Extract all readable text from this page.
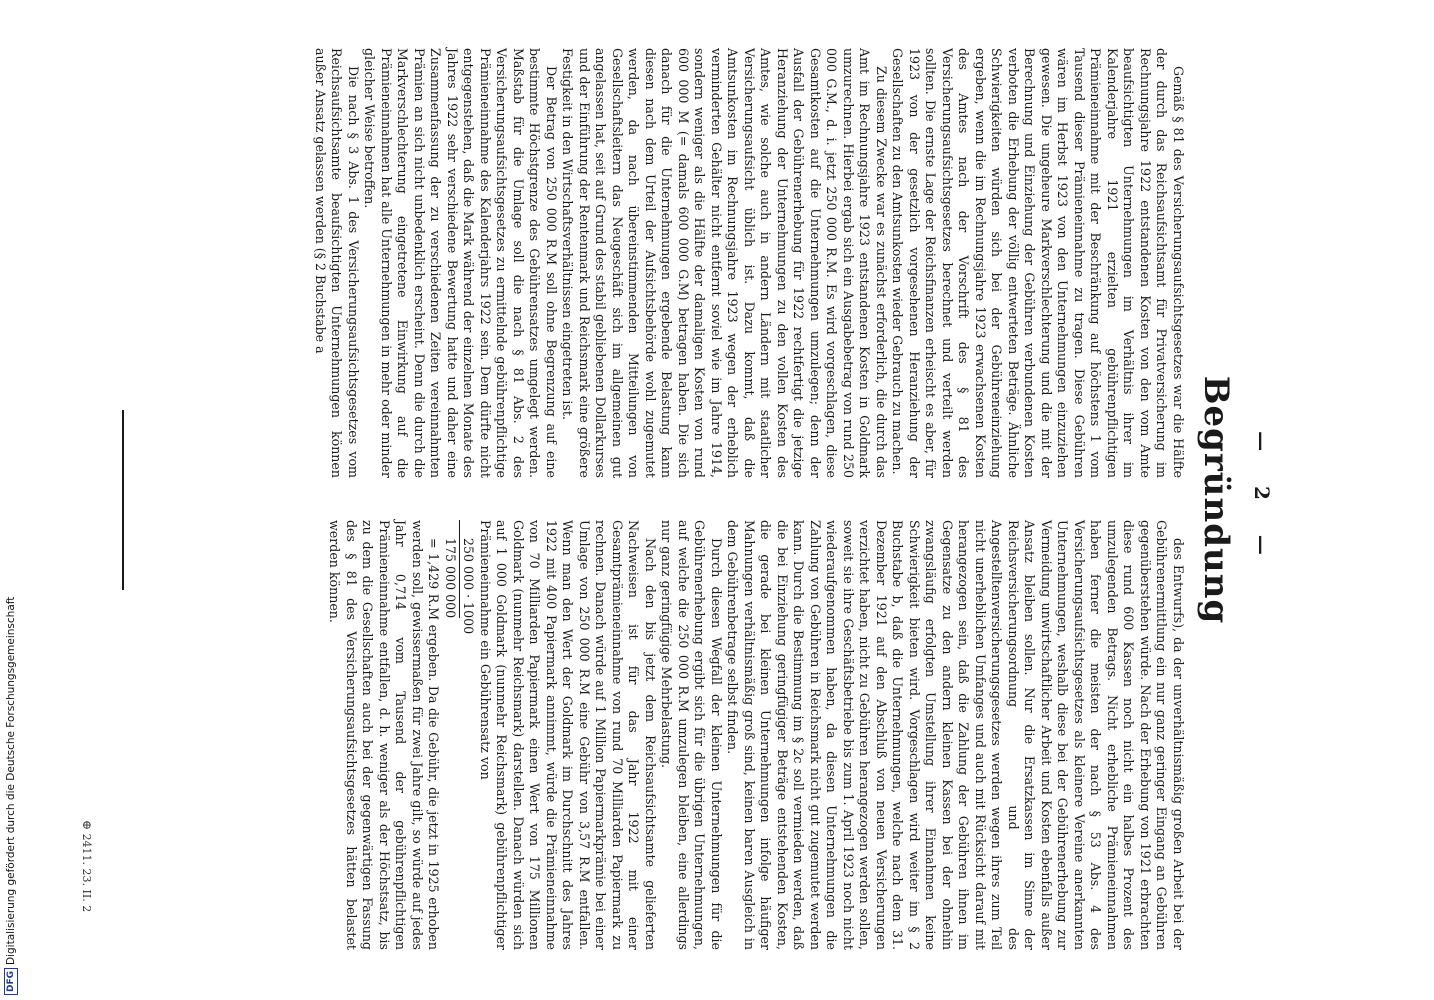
— 2 —
Begründung

Gemäß § 81 des Versicherungsaufsichtsgesetzes war die Hälfte der durch das Reichsaufsichtsamt für Privatversicherung im Rechnungsjahre 1922 entstandenen Kosten von den vom Amte beaufsichtigten Unternehmungen im Verhältnis ihrer im Kalenderjahre 1921 erzielten gebührenpflichtigen Prämieneinnahme mit der Beschränkung auf höchstens 1 vom Tausend dieser Prämieneinnahme zu tragen. Diese Gebühren wären im Herbst 1923 von den Unternehmungen einzuziehen gewesen. Die ungeheure Markverschlechterung und die mit der Berechnung und Einziehung der Gebühren verbundenen Kosten verboten die Erhebung der völlig entwerteten Beträge. Ähnliche Schwierigkeiten würden sich bei der Gebühreneinziehung ergeben, wenn die im Rechnungsjahre 1923 erwachsenen Kosten des Amtes nach der Vorschrift des § 81 des Versicherungsaufsichtsgesetzes berechnet und verteilt werden sollten. Die ernste Lage der Reichsfinanzen erheischt es aber, für 1923 von der gesetzlich vorgesehenen Heranziehung der Gesellschaften zu den Amtsunkosten wieder Gebrauch zu machen.

Zu diesem Zwecke war es zunächst erforderlich, die durch das Amt im Rechnungsjahre 1923 entstandenen Kosten in Goldmark umzurechnen. Hierbei ergab sich ein Ausgabebetrag von rund 250 000 G.M., d. i. jetzt 250 000 R.M. Es wird vorgeschlagen, diese Gesamtkosten auf die Unternehmungen umzulegen; denn der Ausfall der Gebührenerhebung für 1922 rechtfertigt die jetzige Heranziehung der Unternehmungen zu den vollen Kosten des Amtes, wie solche auch in andern Ländern mit staatlicher Versicherungsaufsicht üblich ist. Dazu kommt, daß die Amtsunkosten im Rechnungsjahre 1923 wegen der erheblich verminderten Gehälter nicht entfernt soviel wie im Jahre 1914, sondern weniger als die Hälfte der damaligen Kosten von rund 600 000 M (= damals 600 000 G.M) betragen haben. Die sich danach für die Unternehmungen ergebende Belastung kann diesen nach dem Urteil der Aufsichtsbehörde wohl zugemutet werden, da nach übereinstimmenden Mitteilungen von Gesellschaftsleitern das Neugeschäft sich im allgemeinen gut angelassen hat, seit auf Grund des stabil gebliebenen Dollarkurses und der Einführung der Rentenmark und Reichsmark eine größere Festigkeit in den Wirtschaftsverhältnissen eingetreten ist.

Der Betrag von 250 000 R.M soll ohne Begrenzung auf eine bestimmte Höchstgrenze des Gebührensatzes umgelegt werden. Maßstab für die Umlage soll die nach § 81 Abs. 2 des Versicherungsaufsichtsgesetzes zu ermittelnde gebührenpflichtige Prämieneinnahme des Kalenderjahrs 1922 sein. Dem dürfte nicht entgegenstehen, daß die Mark während der einzelnen Monate des Jahres 1922 sehr verschiedene Bewertung hatte und daher eine Zusammenfassung der zu verschiedenen Zeiten vereinnahmten Prämien an sich nicht unbedenklich erscheint. Denn die durch die Markverschlechterung eingetretene Einwirkung auf die Prämieneinnahmen hat alle Unternehmungen in mehr oder minder gleicher Weise betroffen.

Die nach § 3 Abs. 1 des Versicherungsaufsichtsgesetzes vom Reichsaufsichtsamte beaufsichtigten Unternehmungen können außer Ansatz gelassen werden (§ 2 Buchstabe a

des Entwurfs), da der unverhältnismäßig großen Arbeit bei der Gebührenermittlung ein nur ganz geringer Eingang an Gebühren gegenüberstehen würde. Nach der Erhebung von 1921 erbrachten diese rund 600 Kassen noch nicht ein halbes Prozent des umzulegenden Betrags. Nicht erhebliche Prämieneinnahmen haben ferner die meisten der nach § 53 Abs. 4 des Versicherungsaufsichtsgesetzes als kleinere Vereine anerkannten Unternehmungen, weshalb diese bei der Gebührenerhebung zur Vermeidung unwirtschaftlicher Arbeit und Kosten ebenfalls außer Ansatz bleiben sollen. Nur die Ersatzkassen im Sinne der Reichsversicherungsordnung und des Angestelltenversicherungsgesetzes werden wegen ihres zum Teil nicht unerheblichen Umfanges und auch mit Rücksicht darauf mit herangezogen sein, daß die Zahlung der Gebühren ihnen im Gegensatze zu den andern kleinen Kassen bei der ohnehin zwangsläufig erfolgten Umstellung ihrer Einnahmen keine Schwierigkeit bieten wird. Vorgeschlagen wird weiter im § 2 Buchstabe b, daß die Unternehmungen, welche nach dem 31. Dezember 1921 auf den Abschluß von neuen Versicherungen verzichtet haben, nicht zu Gebühren herangezogen werden sollen, soweit sie ihre Geschäftsbetriebe bis zum 1. April 1923 noch nicht wiederaufgenommen haben, da diesen Unternehmungen die Zahlung von Gebühren in Reichsmark nicht gut zugemutet werden kann. Durch die Bestimmung im § 2c soll vermieden werden, daß die bei Einziehung geringfügiger Beträge entstehenden Kosten, die gerade bei kleinen Unternehmungen infolge häufiger Mahnungen verhältnismäßig groß sind, keinen baren Ausgleich in dem Gebührenbetrage selbst finden.

Durch diesen Wegfall der kleinen Unternehmungen für die Gebührenerhebung ergibt sich für die übrigen Unternehmungen, auf welche die 250 000 R.M umzulegen bleiben, eine allerdings nur ganz geringfügige Mehrbelastung.

Nach den bis jetzt dem Reichsaufsichtsamte gelieferten Nachweisen ist für das Jahr 1922 mit einer Gesamtprämieneinnahme von rund 70 Milliarden Papiermark zu rechnen. Danach würde auf 1 Million Papiermarkprämie bei einer Umlage von 250 000 R.M eine Gebühr von 3,57 R.M entfallen. Wenn man den Wert der Goldmark im Durchschnitt des Jahres 1922 mit 400 Papiermark annimmt, würde die Prämieneinnahme von 70 Milliarden Papiermark einen Wert von 175 Millionen Goldmark (nunmehr Reichsmark) darstellen. Danach würden sich auf 1 000 Goldmark (nunmehr Reichsmark) gebührenpflichtiger Prämieneinnahme ein Gebührensatz von

250 000 · 1000
175 000 000

= 1,429 R.M ergeben. Da die Gebühr, die jetzt in 1925 erhoben werden soll, gewissermaßen für zwei Jahre gilt, so würde auf jedes Jahr 0,714 vom Tausend der gebührenpflichtigen Prämieneinnahme entfallen, d. h. weniger als der Höchstsatz, bis zu dem die Gesellschaften auch bei der gegenwärtigen Fassung des § 81 des Versicherungsaufsichtsgesetzes hätten belastet werden können.

⊕ 2411. 23. II. 2
DFGDigitalisierung gefördert durch die Deutsche Forschungsgemeinschaft
